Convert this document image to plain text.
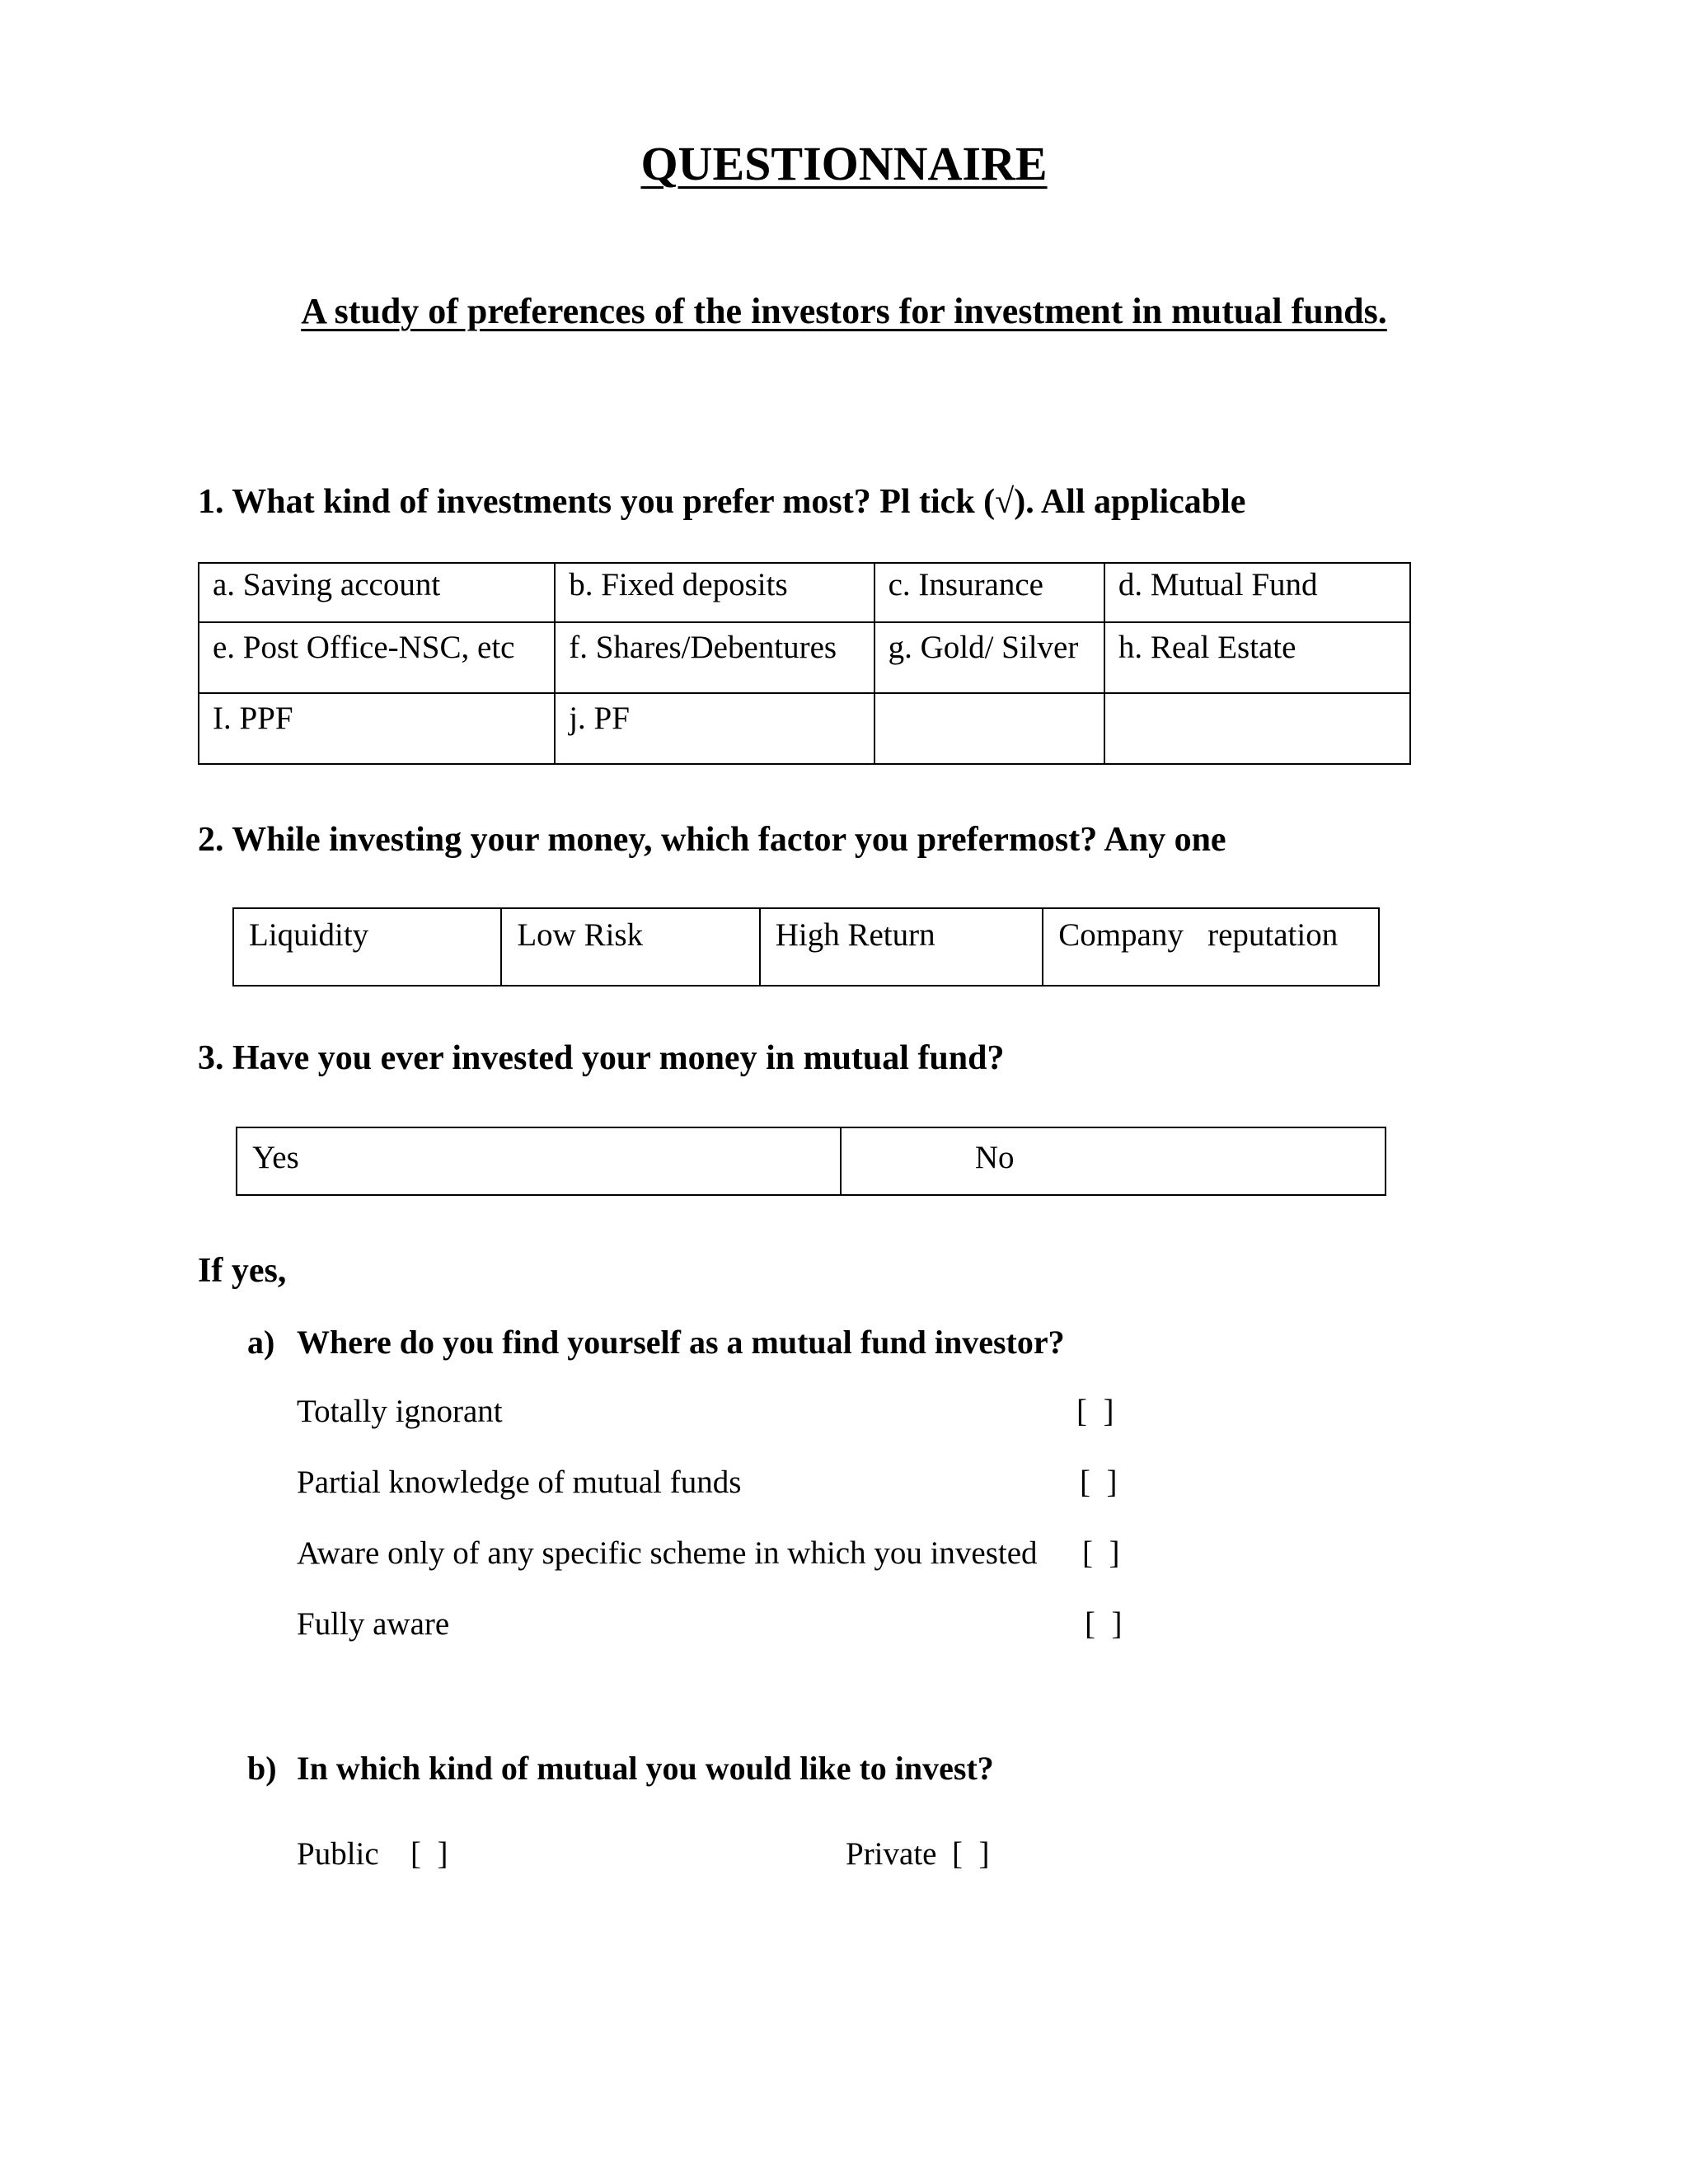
QUESTIONNAIRE
A study of preferences of the investors for investment in mutual funds.
1. What kind of investments you prefer most? Pl tick (√). All applicable
a. Saving account	b. Fixed deposits	c. Insurance	d. Mutual Fund
e. Post Office-NSC, etc	f. Shares/Debentures	g. Gold/ Silver	h. Real Estate
I. PPF	j. PF		
2. While investing your money, which factor you prefermost? Any one
Liquidity	Low Risk	High Return	Company   reputation
3. Have you ever invested your money in mutual fund?
Yes	No
If yes,
a) Where do you find yourself as a mutual fund investor?
Totally ignorant	[  ]
Partial knowledge of mutual funds	[  ]
Aware only of any specific scheme in which you invested [  ]
Fully aware	[  ]
b) In which kind of mutual you would like to invest?
Public [  ]	Private [  ]
